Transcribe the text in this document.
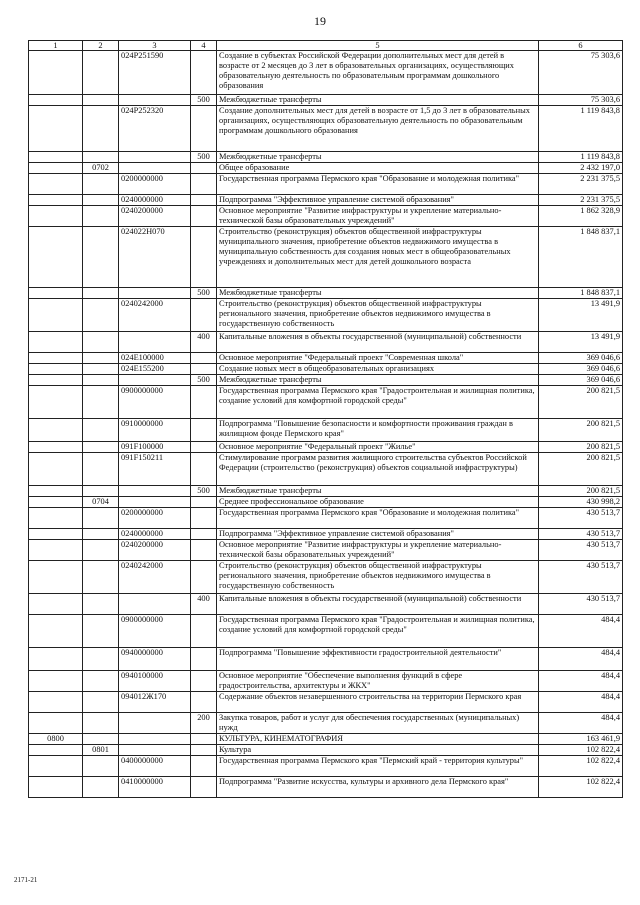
19
1	2	3	4	5	6
		024P251590		Создание в субъектах Российской Федерации дополнительных мест для детей в возрасте от 2 месяцев до 3 лет в образовательных организациях, осуществляющих образовательную деятельность по образовательным программам дошкольного образования	75 303,6
			500	Межбюджетные трансферты	75 303,6
		024P252320		Создание дополнительных мест для детей в возрасте от 1,5 до 3 лет в образовательных организациях, осуществляющих образовательную деятельность по образовательным программам дошкольного образования	1 119 843,8
			500	Межбюджетные трансферты	1 119 843,8
	0702			Общее образование	2 432 197,0
		0200000000		Государственная программа Пермского края "Образование и молодежная политика"	2 231 375,5
		0240000000		Подпрограмма "Эффективное управление системой образования"	2 231 375,5
		0240200000		Основное мероприятие "Развитие инфраструктуры и укрепление материально-технической базы образовательных учреждений"	1 862 328,9
		024022Н070		Строительство (реконструкция) объектов общественной инфраструктуры муниципального значения, приобретение объектов недвижимого имущества в муниципальную собственность для создания новых мест в общеобразовательных учреждениях и дополнительных мест для детей дошкольного возраста	1 848 837,1
			500	Межбюджетные трансферты	1 848 837,1
		0240242000		Строительство (реконструкция) объектов общественной инфраструктуры регионального значения, приобретение объектов недвижимого имущества в государственную собственность	13 491,9
			400	Капитальные вложения в объекты государственной (муниципальной) собственности	13 491,9
		024Е100000		Основное мероприятие "Федеральный проект "Современная школа"	369 046,6
		024Е155200		Создание новых мест в общеобразовательных организациях	369 046,6
			500	Межбюджетные трансферты	369 046,6
		0900000000		Государственная программа Пермского края "Градостроительная и жилищная политика, создание условий для комфортной городской среды"	200 821,5
		0910000000		Подпрограмма "Повышение безопасности и комфортности проживания граждан в жилищном фонде Пермского края"	200 821,5
		091F100000		Основное мероприятие "Федеральный проект "Жилье"	200 821,5
		091F150211		Стимулирование программ развития жилищного строительства субъектов Российской Федерации (строительство (реконструкция) объектов социальной инфраструктуры)	200 821,5
			500	Межбюджетные трансферты	200 821,5
	0704			Среднее профессиональное образование	430 998,2
		0200000000		Государственная программа Пермского края "Образование и молодежная политика"	430 513,7
		0240000000		Подпрограмма "Эффективное управление системой образования"	430 513,7
		0240200000		Основное мероприятие "Развитие инфраструктуры и укрепление материально-технической базы образовательных учреждений"	430 513,7
		0240242000		Строительство (реконструкция) объектов общественной инфраструктуры регионального значения, приобретение объектов недвижимого имущества в государственную собственность	430 513,7
			400	Капитальные вложения в объекты государственной (муниципальной) собственности	430 513,7
		0900000000		Государственная программа Пермского края "Градостроительная и жилищная политика, создание условий для комфортной городской среды"	484,4
		0940000000		Подпрограмма "Повышение эффективности градостроительной деятельности"	484,4
		0940100000		Основное мероприятие "Обеспечение выполнения функций в сфере градостроительства, архитектуры и ЖКХ"	484,4
		094012Ж170		Содержание объектов незавершенного строительства на территории Пермского края	484,4
			200	Закупка товаров, работ и услуг для обеспечения государственных (муниципальных) нужд	484,4
0800				КУЛЬТУРА, КИНЕМАТОГРАФИЯ	163 461,9
	0801			Культура	102 822,4
		0400000000		Государственная программа Пермского края "Пермский край - территория культуры"	102 822,4
		0410000000		Подпрограмма "Развитие искусства, культуры и архивного дела Пермского края"	102 822,4
2171-21
